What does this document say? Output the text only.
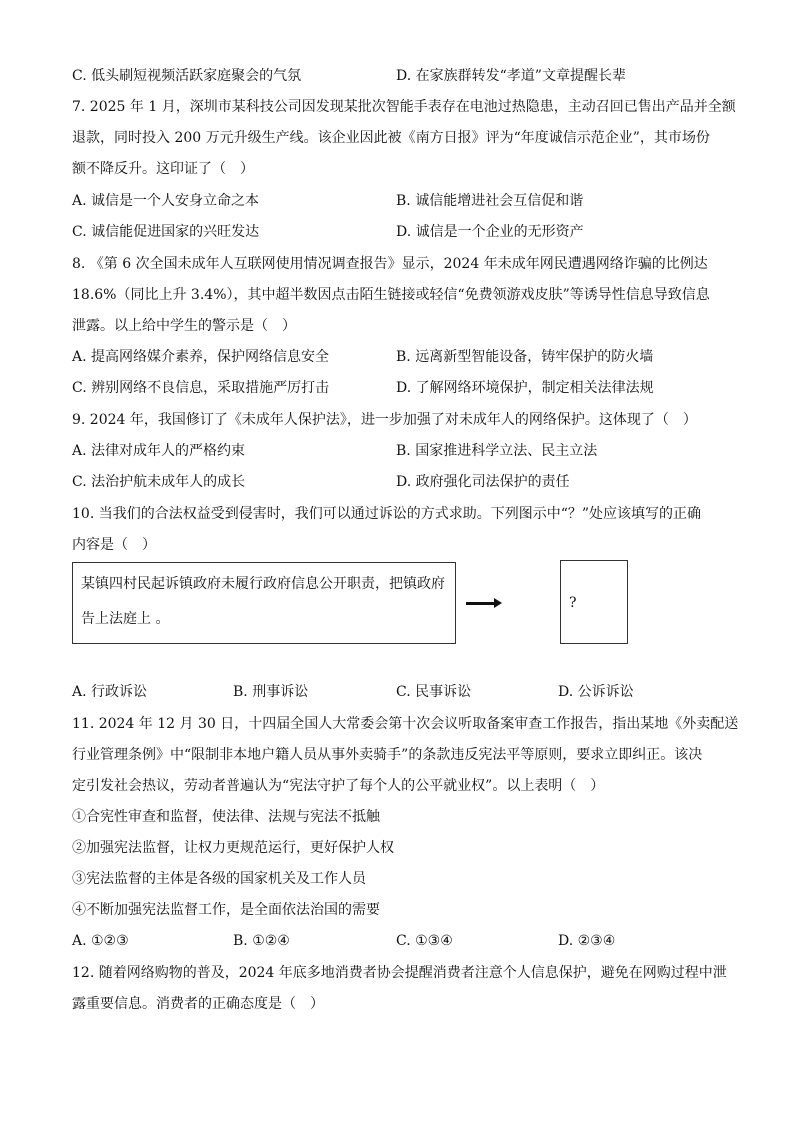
C. 低头刷短视频活跃家庭聚会的气氛	D. 在家族群转发“孝道”文章提醒长辈
7. 2025 年 1 月，深圳市某科技公司因发现某批次智能手表存在电池过热隐患，主动召回已售出产品并全额
退款，同时投入 200 万元升级生产线。该企业因此被《南方日报》评为“年度诚信示范企业”，其市场份
额不降反升。这印证了（　）
A. 诚信是一个人安身立命之本	B. 诚信能增进社会互信促和谐
C. 诚信能促进国家的兴旺发达	D. 诚信是一个企业的无形资产
8. 《第 6 次全国未成年人互联网使用情况调查报告》显示，2024 年未成年网民遭遇网络诈骗的比例达
18.6%（同比上升 3.4%），其中超半数因点击陌生链接或轻信“免费领游戏皮肤”等诱导性信息导致信息
泄露。以上给中学生的警示是（　）
A. 提高网络媒介素养，保护网络信息安全	B. 远离新型智能设备，铸牢保护的防火墙
C. 辨别网络不良信息，采取措施严厉打击	D. 了解网络环境保护，制定相关法律法规
9. 2024 年，我国修订了《未成年人保护法》，进一步加强了对未成年人的网络保护。这体现了（　）
A. 法律对成年人的严格约束	B. 国家推进科学立法、民主立法
C. 法治护航未成年人的成长	D. 政府强化司法保护的责任
10. 当我们的合法权益受到侵害时，我们可以通过诉讼的方式求助。下列图示中“？”处应该填写的正确
内容是（　）
某镇四村民起诉镇政府未履行政府信息公开职责，把镇政府
告上法庭上 。
?
A. 行政诉讼	B. 刑事诉讼	C. 民事诉讼	D. 公诉诉讼
11. 2024 年 12 月 30 日，十四届全国人大常委会第十次会议听取备案审查工作报告，指出某地《外卖配送
行业管理条例》中“限制非本地户籍人员从事外卖骑手”的条款违反宪法平等原则，要求立即纠正。该决
定引发社会热议，劳动者普遍认为“宪法守护了每个人的公平就业权”。以上表明（　）
①合宪性审查和监督，使法律、法规与宪法不抵触
②加强宪法监督，让权力更规范运行，更好保护人权
③宪法监督的主体是各级的国家机关及工作人员
④不断加强宪法监督工作，是全面依法治国的需要
A. ①②③	B. ①②④	C. ①③④	D. ②③④
12. 随着网络购物的普及，2024 年底多地消费者协会提醒消费者注意个人信息保护，避免在网购过程中泄
露重要信息。消费者的正确态度是（　）
